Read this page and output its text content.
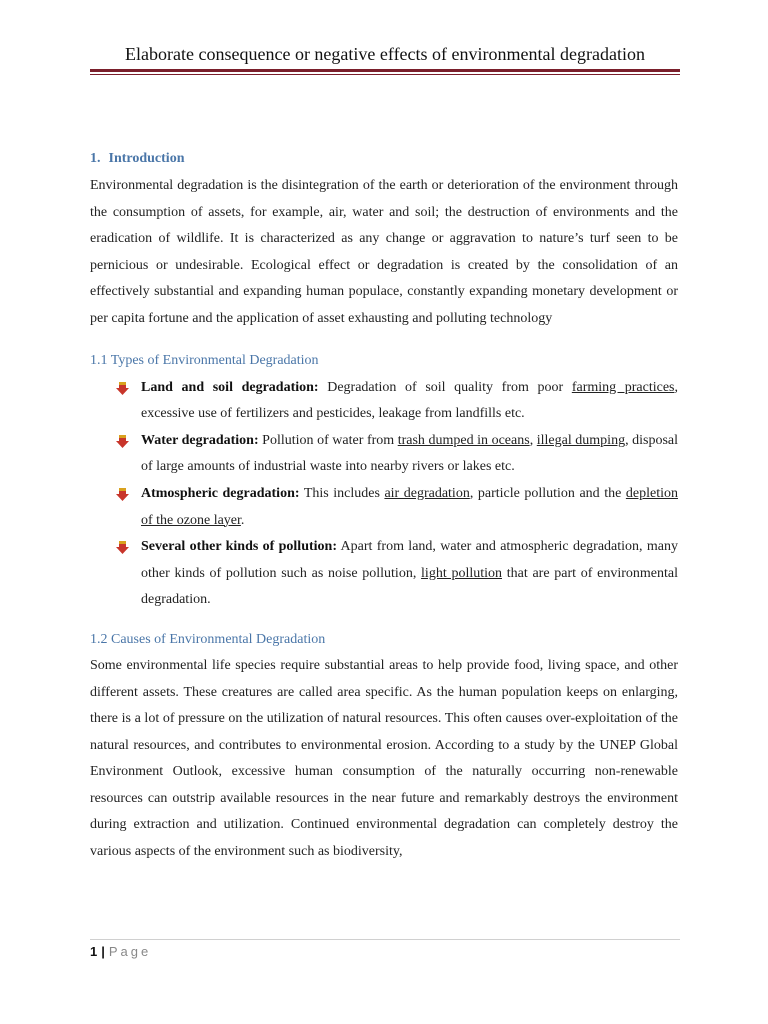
Elaborate consequence or negative effects of environmental degradation
1. Introduction

Environmental degradation is the disintegration of the earth or deterioration of the environment through the consumption of assets, for example, air, water and soil; the destruction of environments and the eradication of wildlife. It is characterized as any change or aggravation to nature’s turf seen to be pernicious or undesirable. Ecological effect or degradation is created by the consolidation of an effectively substantial and expanding human populace, constantly expanding monetary development or per capita fortune and the application of asset exhausting and polluting technology

1.1 Types of Environmental Degradation
Land and soil degradation: Degradation of soil quality from poor farming practices, excessive use of fertilizers and pesticides, leakage from landfills etc.
Water degradation: Pollution of water from trash dumped in oceans, illegal dumping, disposal of large amounts of industrial waste into nearby rivers or lakes etc.
Atmospheric degradation: This includes air degradation, particle pollution and the depletion of the ozone layer.
Several other kinds of pollution: Apart from land, water and atmospheric degradation, many other kinds of pollution such as noise pollution, light pollution that are part of environmental degradation.
1.2 Causes of Environmental Degradation

Some environmental life species require substantial areas to help provide food, living space, and other different assets. These creatures are called area specific. As the human population keeps on enlarging, there is a lot of pressure on the utilization of natural resources. This often causes over-exploitation of the natural resources, and contributes to environmental erosion. According to a study by the UNEP Global Environment Outlook, excessive human consumption of the naturally occurring non-renewable resources can outstrip available resources in the near future and remarkably destroys the environment during extraction and utilization. Continued environmental degradation can completely destroy the various aspects of the environment such as biodiversity,

1 | Page
